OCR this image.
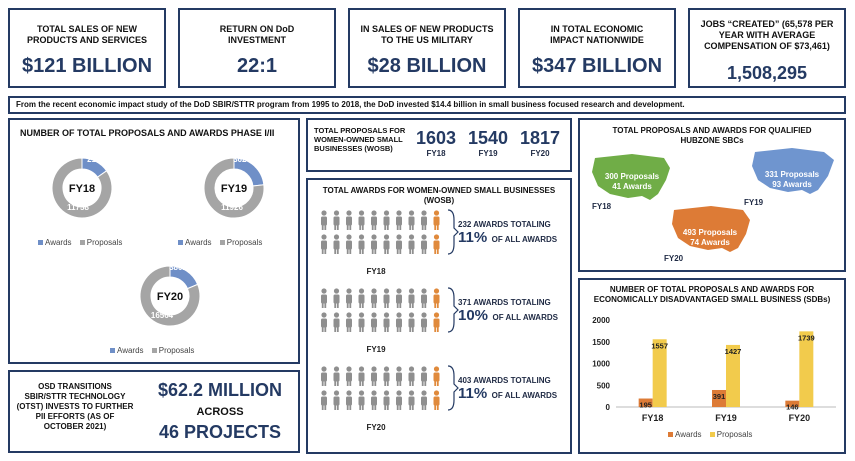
TOTAL SALES OF NEW PRODUCTS AND SERVICES
$121 BILLION
RETURN ON DoD INVESTMENT
22:1
IN SALES OF NEW PRODUCTS TO THE US MILITARY
$28 BILLION
IN TOTAL ECONOMIC IMPACT NATIONWIDE
$347 BILLION
JOBS “CREATED” (65,578 PER YEAR WITH AVERAGE COMPENSATION OF $73,461)
1,508,295
From the recent economic impact study of the DoD SBIR/STTR program from 1995 to 2018, the DoD invested $14.4 billion in small business focused research and development.
NUMBER OF TOTAL PROPOSALS AND AWARDS PHASE I/II
FY18
2124
11758
FY19
3620
11926
FY20
3802
16564
Awards Proposals	Awards Proposals
Awards Proposals
OSD TRANSITIONS SBIR/STTR TECHNOLOGY (OTST) INVESTS TO FURTHER PII EFFORTS (AS OF OCTOBER 2021)
$62.2 MILLION
ACROSS
46 PROJECTS
TOTAL PROPOSALS FOR WOMEN-OWNED SMALL BUSINESSES (WOSB)
1603
FY18
1540
FY19
1817
FY20
TOTAL AWARDS FOR WOMEN-OWNED SMALL BUSINESSES (WOSB)
FY18
FY19
FY20
232 AWARDS TOTALING
11% OF ALL AWARDS
371 AWARDS TOTALING
10% OF ALL AWARDS
403 AWARDS TOTALING
11% OF ALL AWARDS
TOTAL PROPOSALS AND AWARDS FOR QUALIFIED HUBZONE SBCs
300 Proposals
41 Awards
FY18
331 Proposals
93 Awards
FY19
493 Proposals
74 Awards
FY20
NUMBER OF TOTAL PROPOSALS AND AWARDS FOR ECONOMICALLY DISADVANTAGED SMALL BUSINESS (SDBs)
0
500
1000
1500
2000
195
1557
FY18
391
1427
FY19
146
1739
FY20
Awards Proposals
